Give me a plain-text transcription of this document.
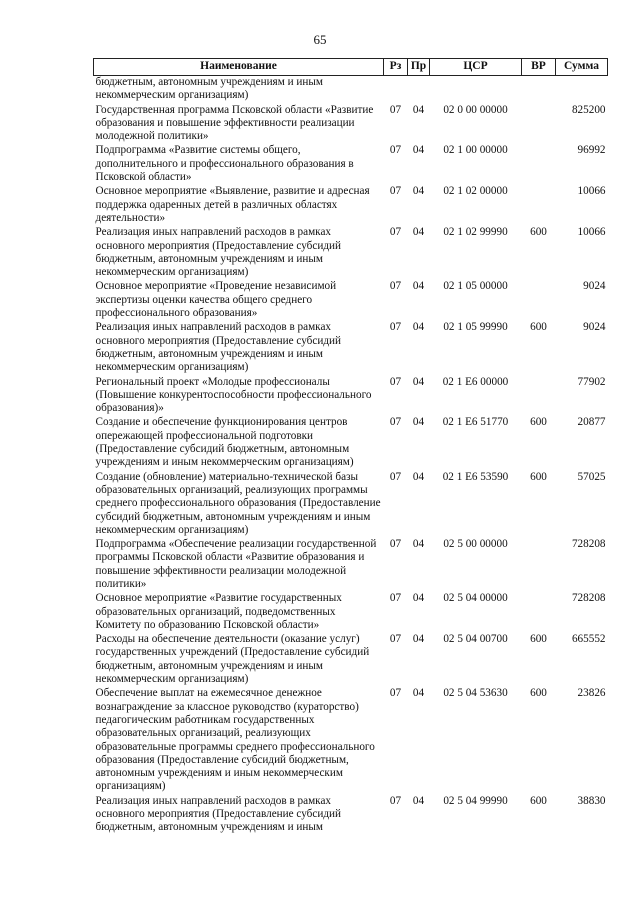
65
Наименование	Рз	Пр	ЦСР	ВР	Сумма
бюджетным, автономным учреждениям и иным некоммерческим организациям)					
Государственная программа Псковской области «Развитие образования и повышение эффективности реализации молодежной политики»	07	04	02 0 00 00000		825200
Подпрограмма «Развитие системы общего, дополнительного и профессионального образования в Псковской области»	07	04	02 1 00 00000		96992
Основное мероприятие «Выявление, развитие и адресная поддержка одаренных детей в различных областях деятельности»	07	04	02 1 02 00000		10066
Реализация иных направлений расходов в рамках основного мероприятия (Предоставление субсидий бюджетным, автономным учреждениям и иным некоммерческим организациям)	07	04	02 1 02 99990	600	10066
Основное мероприятие «Проведение независимой экспертизы оценки качества общего среднего профессионального образования»	07	04	02 1 05 00000		9024
Реализация иных направлений расходов в рамках основного мероприятия (Предоставление субсидий бюджетным, автономным учреждениям и иным некоммерческим организациям)	07	04	02 1 05 99990	600	9024
Региональный проект «Молодые профессионалы (Повышение конкурентоспособности профессионального образования)»	07	04	02 1 E6 00000		77902
Создание и обеспечение функционирования центров опережающей профессиональной подготовки (Предоставление субсидий бюджетным, автономным учреждениям и иным некоммерческим организациям)	07	04	02 1 E6 51770	600	20877
Создание (обновление) материально-технической базы образовательных организаций, реализующих программы среднего профессионального образования (Предоставление субсидий бюджетным, автономным учреждениям и иным некоммерческим организациям)	07	04	02 1 E6 53590	600	57025
Подпрограмма «Обеспечение реализации государственной программы Псковской области «Развитие образования и повышение эффективности реализации молодежной политики»	07	04	02 5 00 00000		728208
Основное мероприятие «Развитие государственных образовательных организаций, подведомственных Комитету по образованию Псковской области»	07	04	02 5 04 00000		728208
Расходы на обеспечение деятельности (оказание услуг) государственных учреждений (Предоставление субсидий бюджетным, автономным учреждениям и иным некоммерческим организациям)	07	04	02 5 04 00700	600	665552
Обеспечение выплат на ежемесячное денежное вознаграждение за классное руководство (кураторство) педагогическим работникам государственных образовательных организаций, реализующих образовательные программы среднего профессионального образования (Предоставление субсидий бюджетным, автономным учреждениям и иным некоммерческим организациям)	07	04	02 5 04 53630	600	23826
Реализация иных направлений расходов в рамках основного мероприятия (Предоставление субсидий бюджетным, автономным учреждениям и иным	07	04	02 5 04 99990	600	38830
